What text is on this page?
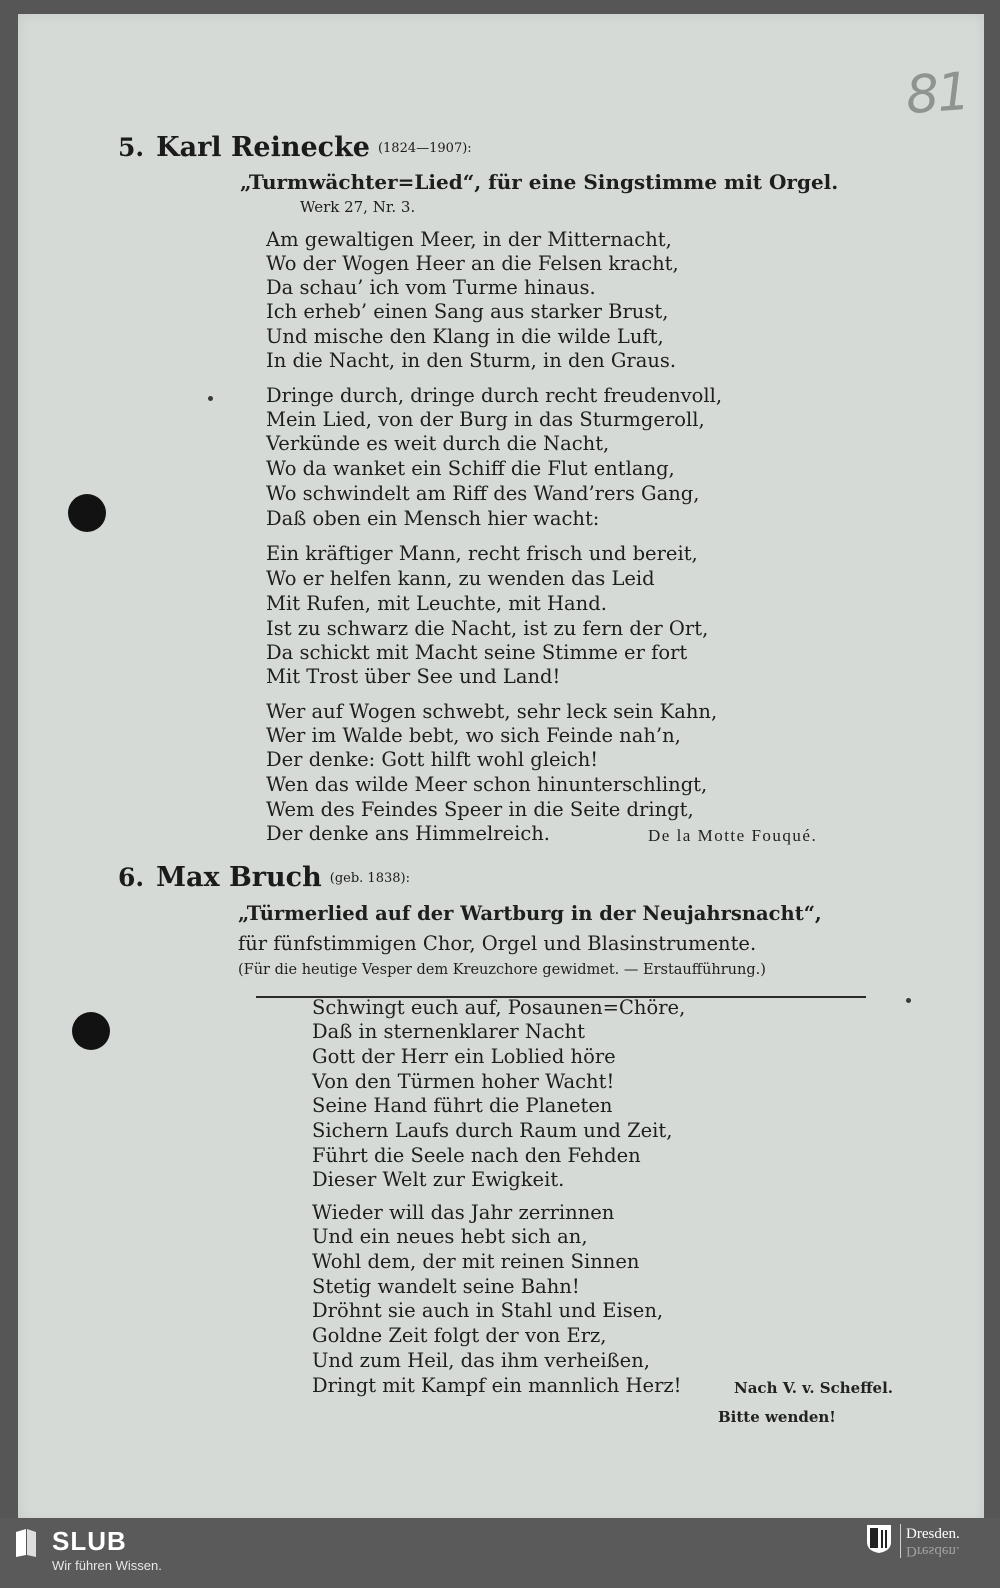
81
5. Karl Reinecke $^{(1824—1907):}$
„Turmwächter=Lied“, für eine Singstimme mit Orgel.
Werk 27, Nr. 3.
Am gewaltigen Meer, in der Mitternacht,
Wo der Wogen Heer an die Felsen kracht,
Da schau’ ich vom Turme hinaus.
Ich erheb’ einen Sang aus starker Brust,
Und mische den Klang in die wilde Luft,
In die Nacht, in den Sturm, in den Graus.
Dringe durch, dringe durch recht freudenvoll,
Mein Lied, von der Burg in das Sturmgeroll,
Verkünde es weit durch die Nacht,
Wo da wanket ein Schiff die Flut entlang,
Wo schwindelt am Riff des Wand’rers Gang,
Daß oben ein Mensch hier wacht:
Ein kräftiger Mann, recht frisch und bereit,
Wo er helfen kann, zu wenden das Leid
Mit Rufen, mit Leuchte, mit Hand.
Ist zu schwarz die Nacht, ist zu fern der Ort,
Da schickt mit Macht seine Stimme er fort
Mit Trost über See und Land!
Wer auf Wogen schwebt, sehr leck sein Kahn,
Wer im Walde bebt, wo sich Feinde nah’n,
Der denke: Gott hilft wohl gleich!
Wen das wilde Meer schon hinunterschlingt,
Wem des Feindes Speer in die Seite dringt,
Der denke ans Himmelreich.	De la Motte Fouqué.
6. Max Bruch $^{(geb. 1838):}$
„Türmerlied auf der Wartburg in der Neujahrsnacht“,
für fünfstimmigen Chor, Orgel und Blasinstrumente.
(Für die heutige Vesper dem Kreuzchore gewidmet. — Erstaufführung.)
Schwingt euch auf, Posaunen=Chöre,
Daß in sternenklarer Nacht
Gott der Herr ein Loblied höre
Von den Türmen hoher Wacht!
Seine Hand führt die Planeten
Sichern Laufs durch Raum und Zeit,
Führt die Seele nach den Fehden
Dieser Welt zur Ewigkeit.
Wieder will das Jahr zerrinnen
Und ein neues hebt sich an,
Wohl dem, der mit reinen Sinnen
Stetig wandelt seine Bahn!
Dröhnt sie auch in Stahl und Eisen,
Goldne Zeit folgt der von Erz,
Und zum Heil, das ihm verheißen,
Dringt mit Kampf ein mannlich Herz!	Nach V. v. Scheffel.
Bitte wenden!
SLUB
Wir führen Wissen.
Dresden.
Dresden.
